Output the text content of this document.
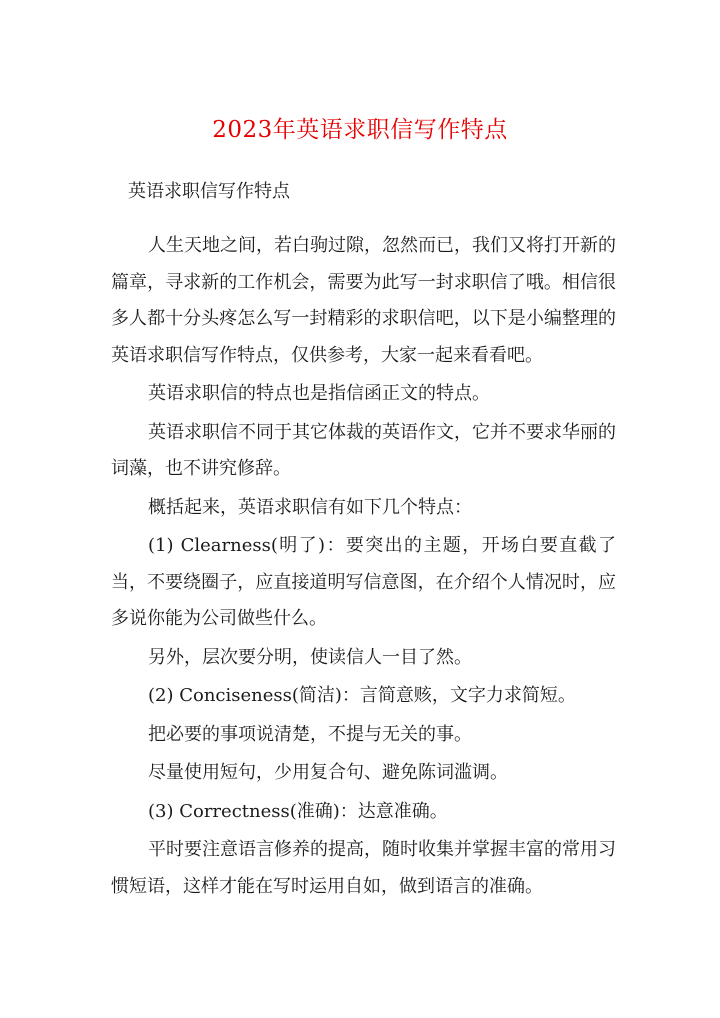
2023年英语求职信写作特点
英语求职信写作特点

人生天地之间，若白驹过隙，忽然而已，我们又将打开新的篇章，寻求新的工作机会，需要为此写一封求职信了哦。相信很多人都十分头疼怎么写一封精彩的求职信吧，以下是小编整理的英语求职信写作特点，仅供参考，大家一起来看看吧。

英语求职信的特点也是指信函正文的特点。

英语求职信不同于其它体裁的英语作文，它并不要求华丽的词藻，也不讲究修辞。

概括起来，英语求职信有如下几个特点：

(1) Clearness(明了)：要突出的主题，开场白要直截了当，不要绕圈子，应直接道明写信意图，在介绍个人情况时，应多说你能为公司做些什么。

另外，层次要分明，使读信人一目了然。

(2) Conciseness(简洁)：言简意赅，文字力求简短。

把必要的事项说清楚，不提与无关的事。

尽量使用短句，少用复合句、避免陈词滥调。

(3) Correctness(准确)：达意准确。

平时要注意语言修养的提高，随时收集并掌握丰富的常用习惯短语，这样才能在写时运用自如，做到语言的准确。
